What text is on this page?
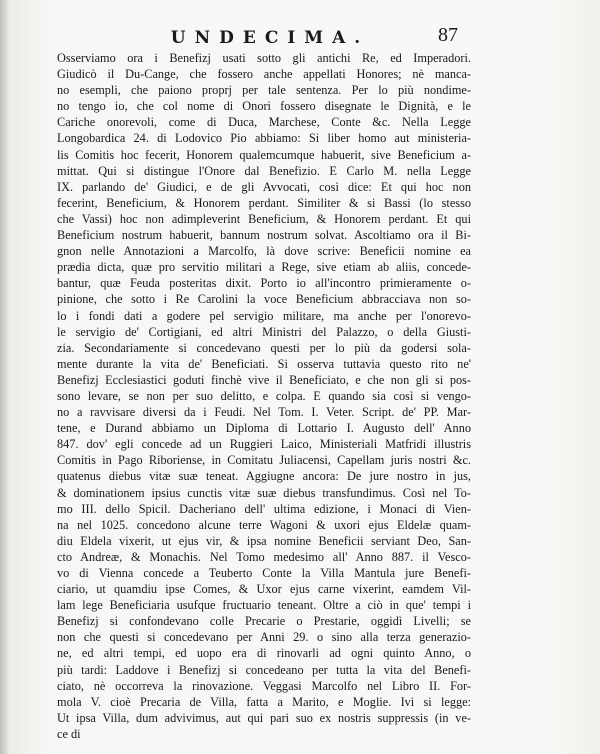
UNDECIMA.	87
Osserviamo ora i Benefizj usati sotto gli antichi Re, ed Imperadori.
Giudicò il Du-Cange, che fossero anche appellati Honores; nè manca-
no esempli, che paiono proprj per tale sentenza. Per lo più nondime-
no tengo io, che col nome di Onori fossero disegnate le Dignità, e le
Cariche onorevoli, come di Duca, Marchese, Conte &c. Nella Legge
Longobardica 24. di Lodovico Pio abbiamo: Si liber homo aut ministeria-
lis Comitis hoc fecerit, Honorem qualemcumque habuerit, sive Beneficium a-
mittat. Qui si distingue l'Onore dal Benefizio. E Carlo M. nella Legge
IX. parlando de' Giudici, e de gli Avvocati, così dice: Et qui hoc non
fecerint, Beneficium, & Honorem perdant. Similiter & si Bassi (lo stesso
che Vassi) hoc non adimpleverint Beneficium, & Honorem perdant. Et qui
Beneficium nostrum habuerit, bannum nostrum solvat. Ascoltiamo ora il Bi-
gnon nelle Annotazioni a Marcolfo, là dove scrive: Beneficii nomine ea
prædia dicta, quæ pro servitio militari a Rege, sive etiam ab aliis, concede-
bantur, quæ Feuda posteritas dixit. Porto io all'incontro primieramente o-
pinione, che sotto i Re Carolini la voce Beneficium abbracciava non so-
lo i fondi dati a godere pel servigio militare, ma anche per l'onorevo-
le servigio de' Cortigiani, ed altri Ministri del Palazzo, o della Giusti-
zia. Secondariamente si concedevano questi per lo più da godersi sola-
mente durante la vita de' Beneficiati. Si osserva tuttavia questo rito ne'
Benefizj Ecclesiastici goduti finchè vive il Beneficiato, e che non gli si pos-
sono levare, se non per suo delitto, e colpa. E quando sia così si vengo-
no a ravvisare diversi da i Feudi. Nel Tom. I. Veter. Script. de' PP. Mar-
tene, e Durand abbiamo un Diploma di Lottario I. Augusto dell' Anno
847. dov' egli concede ad un Ruggieri Laico, Ministeriali Matfridi illustris
Comitis in Pago Riboriense, in Comitatu Juliacensi, Capellam juris nostri &c.
quatenus diebus vitæ suæ teneat. Aggiugne ancora: De jure nostro in jus,
& dominationem ipsius cunctis vitæ suæ diebus transfundimus. Così nel To-
mo III. dello Spicil. Dacheriano dell' ultima edizione, i Monaci di Vien-
na nel 1025. concedono alcune terre Wagoni & uxori ejus Eldelæ quam-
diu Eldela vixerit, ut ejus vir, & ipsa nomine Beneficii serviant Deo, San-
cto Andreæ, & Monachis. Nel Tomo medesimo all' Anno 887. il Vesco-
vo di Vienna concede a Teuberto Conte la Villa Mantula jure Benefi-
ciario, ut quamdiu ipse Comes, & Uxor ejus carne vixerint, eamdem Vil-
lam lege Beneficiaria usufque fructuario teneant. Oltre a ciò in que' tempi i
Benefizj si confondevano colle Precarie o Prestarie, oggidì Livelli; se
non che questi si concedevano per Anni 29. o sino alla terza generazio-
ne, ed altri tempi, ed uopo era di rinovarli ad ogni quinto Anno, o
più tardi: Laddove i Benefizj si concedeano per tutta la vita del Benefi-
ciato, nè occorreva la rinovazione. Veggasi Marcolfo nel Libro II. For-
mola V. cioè Precaria de Villa, fatta a Marito, e Moglie. Ivi si legge:
Ut ipsa Villa, dum advivimus, aut qui pari suo ex nostris suppressis (in ve-
ce di
